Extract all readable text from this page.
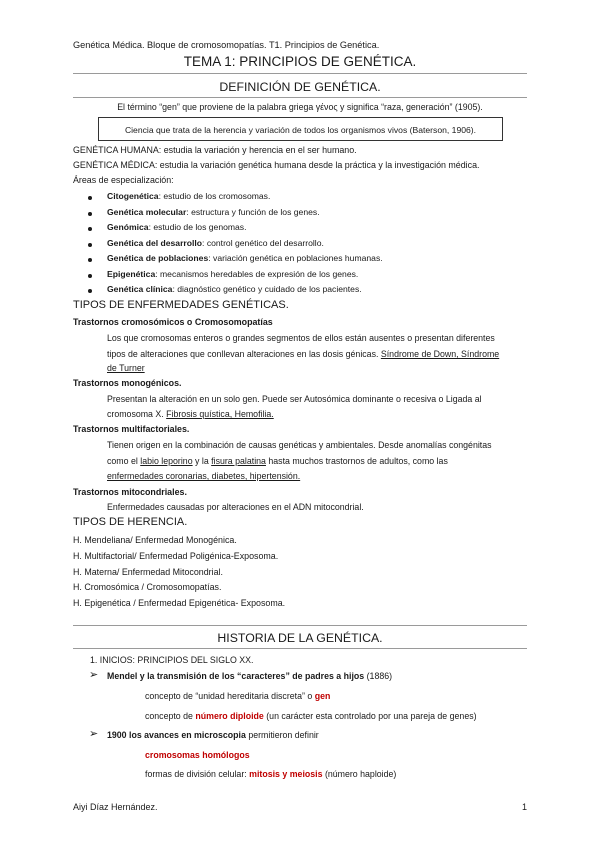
Genética Médica. Bloque de cromosomopatías. T1. Principios de Genética.
TEMA 1: PRINCIPIOS DE GENÉTICA.
DEFINICIÓN DE GENÉTICA.
El término “gen” que proviene de la palabra griega γένος y significa “raza, generación” (1905).
Ciencia que trata de la herencia y variación de todos los organismos vivos (Baterson, 1906).
GENÉTICA HUMANA: estudia la variación y herencia en el ser humano.
GENÉTICA MÉDICA: estudia la variación genética humana desde la práctica y la investigación médica.
Áreas de especialización:
Citogenética: estudio de los cromosomas.
Genética molecular: estructura y función de los genes.
Genómica: estudio de los genomas.
Genética del desarrollo: control genético del desarrollo.
Genética de poblaciones: variación genética en poblaciones humanas.
Epigenética: mecanismos heredables de expresión de los genes.
Genética clínica: diagnóstico genético y cuidado de los pacientes.
TIPOS DE ENFERMEDADES GENÉTICAS.
Trastornos cromosómicos o Cromosomopatías
Los que cromosomas enteros o grandes segmentos de ellos están ausentes o presentan diferentes
tipos de alteraciones que conllevan alteraciones en las dosis génicas. Síndrome de Down, Síndrome
de Turner
Trastornos monogénicos.
Presentan la alteración en un solo gen. Puede ser Autosómica dominante o recesiva o Ligada al
cromosoma X. Fibrosis quística, Hemofilia.
Trastornos multifactoriales.
Tienen origen en la combinación de causas genéticas y ambientales. Desde anomalías congénitas
como el labio leporino y la fisura palatina hasta muchos trastornos de adultos, como las
enfermedades coronarias, diabetes, hipertensión.
Trastornos mitocondriales.
Enfermedades causadas por alteraciones en el ADN mitocondrial.
TIPOS DE HERENCIA.
H. Mendeliana/ Enfermedad Monogénica.
H. Multifactorial/ Enfermedad Poligénica-Exposoma.
H. Materna/ Enfermedad Mitocondrial.
H. Cromosómica / Cromosomopatías.
H. Epigenética / Enfermedad Epigenética- Exposoma.
HISTORIA DE LA GENÉTICA.
1. INICIOS: PRINCIPIOS DEL SIGLO XX.
➢ Mendel y la transmisión de los “caracteres” de padres a hijos (1886)
concepto de “unidad hereditaria discreta” o gen
concepto de número diploide (un carácter esta controlado por una pareja de genes)
➢ 1900 los avances en microscopia permitieron definir
cromosomas homólogos
formas de división celular: mitosis y meiosis (número haploide)
Aiyi Díaz Hernández.	1
